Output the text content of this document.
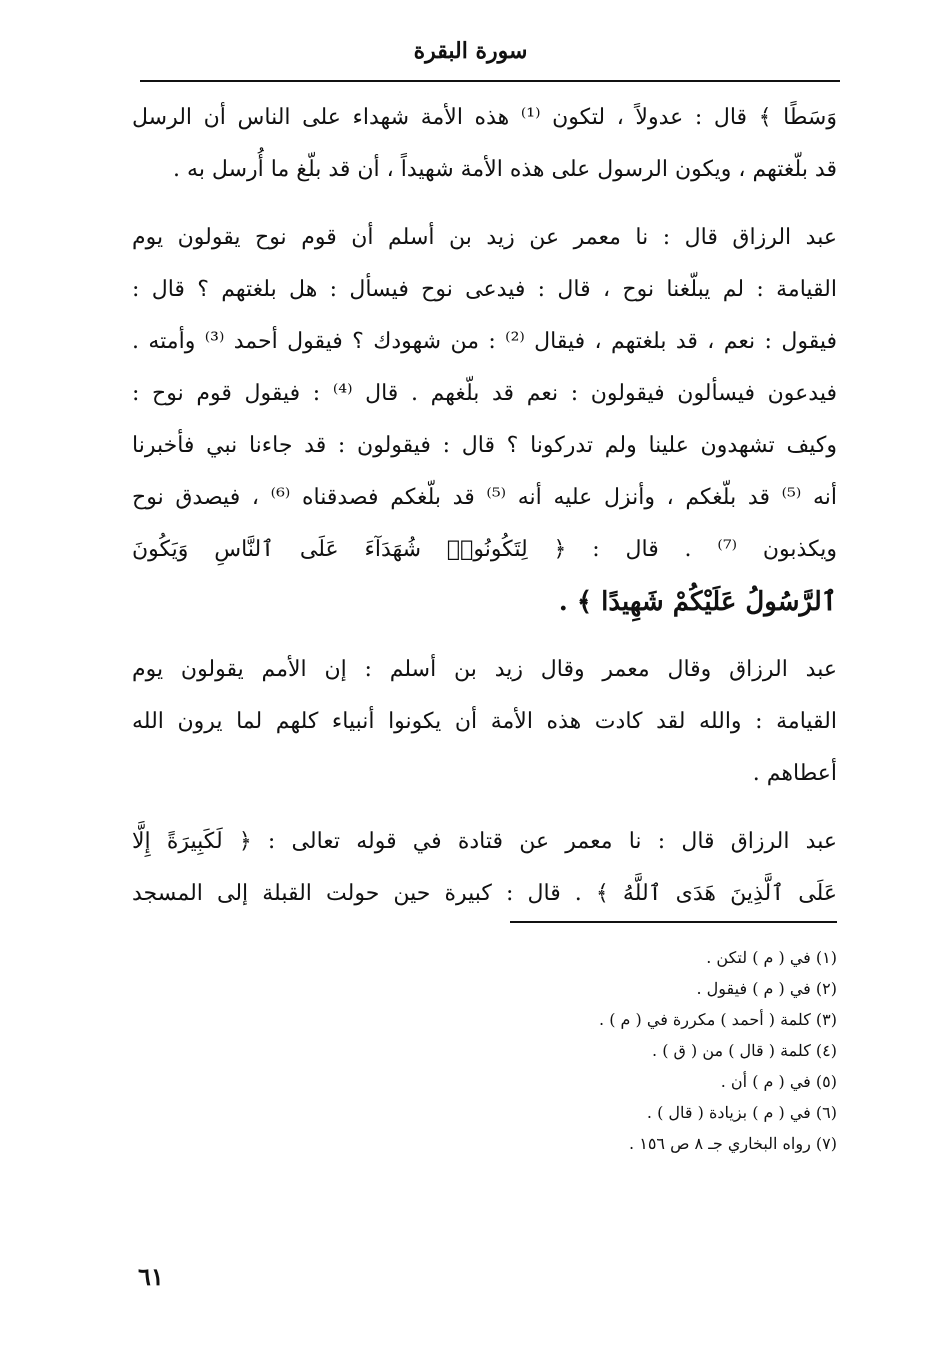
سورة البقرة

وَسَطًا ﴾ قال : عدولاً ، لتكون ⁽¹⁾ هذه الأمة شهداء على الناس أن الرسل
قد بلّغتهم ، ويكون الرسول على هذه الأمة شهيداً ، أن قد بلّغ ما أُرسل به .

عبد الرزاق قال : نا معمر عن زيد بن أسلم أن قوم نوح يقولون يوم
القيامة : لم يبلّغنا نوح ، قال : فيدعى نوح فيسأل : هل بلغتهم ؟ قال :
فيقول : نعم ، قد بلغتهم ، فيقال ⁽²⁾ : من شهودك ؟ فيقول أحمد ⁽³⁾ وأمته .
فيدعون فيسألون فيقولون : نعم قد بلّغهم . قال ⁽⁴⁾ : فيقول قوم نوح :
وكيف تشهدون علينا ولم تدركونا ؟ قال : فيقولون : قد جاءنا نبي فأخبرنا
أنه ⁽⁵⁾ قد بلّغكم ، وأنزل عليه أنه ⁽⁵⁾ قد بلّغكم فصدقناه ⁽⁶⁾ ، فيصدق نوح
ويكذبون ⁽⁷⁾ . قال : ﴿ لِتَكُونُوا۟ شُهَدَآءَ عَلَى ٱلنَّاسِ وَيَكُونَ
ٱلرَّسُولُ عَلَيْكُمْ شَهِيدًا ﴾ .

عبد الرزاق وقال معمر وقال زيد بن أسلم : إن الأمم يقولون يوم
القيامة : والله لقد كادت هذه الأمة أن يكونوا أنبياء كلهم لما يرون الله
أعطاهم .

عبد الرزاق قال : نا معمر عن قتادة في قوله تعالى : ﴿ لَكَبِيرَةً إِلَّا
عَلَى ٱلَّذِينَ هَدَى ٱللَّهُ ﴾ . قال : كبيرة حين حولت القبلة إلى المسجد

(١) في ( م ) لتكن .
(٢) في ( م ) فيقول .
(٣) كلمة ( أحمد ) مكررة في ( م ) .
(٤) كلمة ( قال ) من ( ق ) .
(٥) في ( م ) أن .
(٦) في ( م ) بزيادة ( قال ) .
(٧) رواه البخاري جـ ٨ ص ١٥٦ .
٦١
